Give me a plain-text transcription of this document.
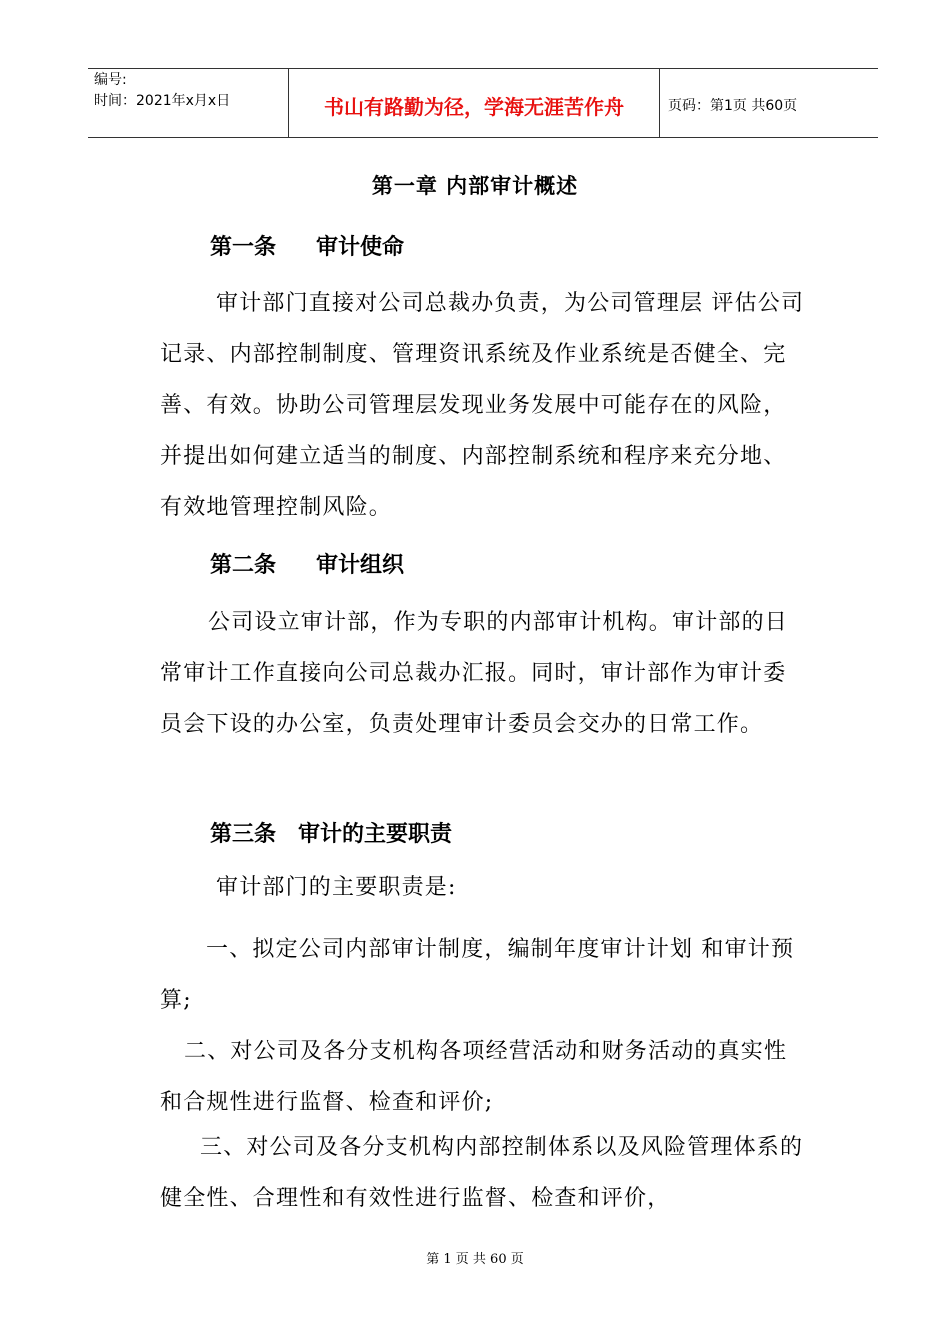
编号:
时间：2021年x月x日	书山有路勤为径，学海无涯苦作舟	页码：第1页 共60页
第一章 内部审计概述
第一条 审计使命

审计部门直接对公司总裁办负责，为公司管理层 评估公司记录、内部控制制度、管理资讯系统及作业系统是否健全、完善、有效。协助公司管理层发现业务发展中可能存在的风险，并提出如何建立适当的制度、内部控制系统和程序来充分地、有效地管理控制风险。

第二条 审计组织

公司设立审计部，作为专职的内部审计机构。审计部的日常审计工作直接向公司总裁办汇报。同时，审计部作为审计委员会下设的办公室，负责处理审计委员会交办的日常工作。

第三条 审计的主要职责

审计部门的主要职责是:

一、拟定公司内部审计制度，编制年度审计计划 和审计预算;

二、对公司及各分支机构各项经营活动和财务活动的真实性和合规性进行监督、检查和评价;

三、对公司及各分支机构内部控制体系以及风险管理体系的健全性、合理性和有效性进行监督、检查和评价，

第 1 页 共 60 页
